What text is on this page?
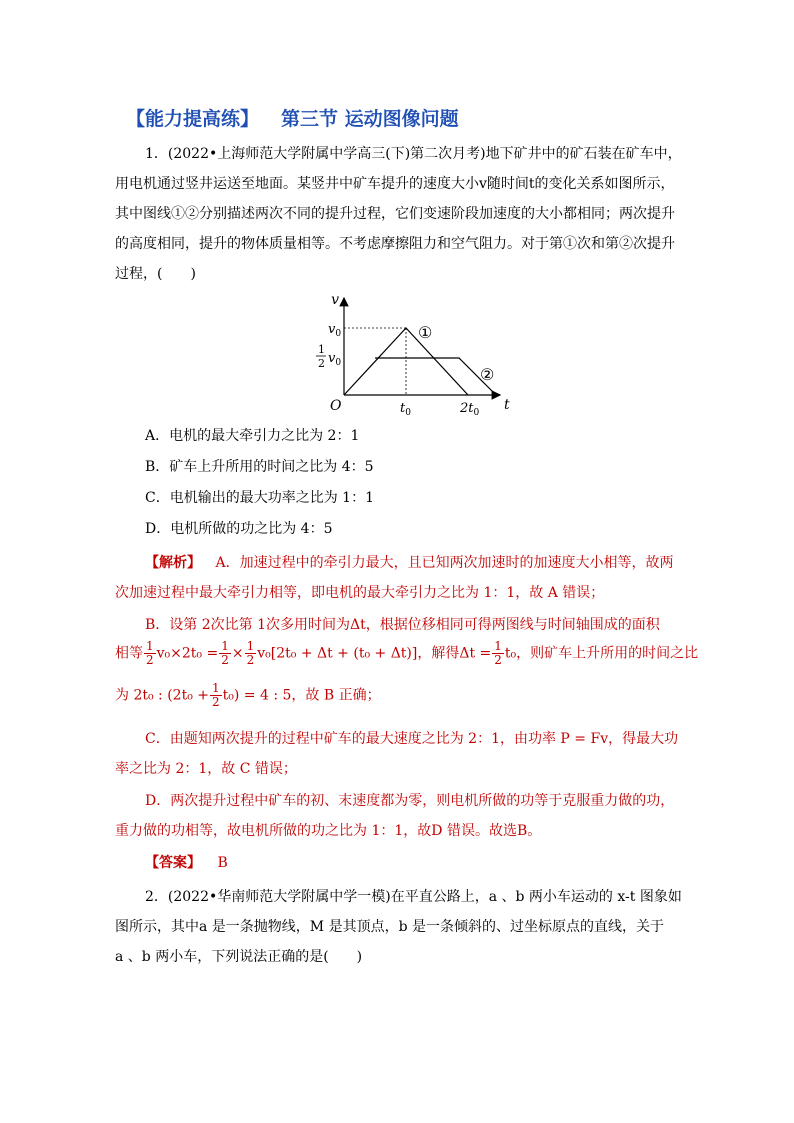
【能力提高练】 第三节 运动图像问题
1．(2022•上海师范大学附属中学高三(下)第二次月考)地下矿井中的矿石装在矿车中，用电机通过竖井运送至地面。某竖井中矿车提升的速度大小v随时间t的变化关系如图所示，其中图线①②分别描述两次不同的提升过程，它们变速阶段加速度的大小都相同；两次提升的高度相同，提升的物体质量相等。不考虑摩擦阻力和空气阻力。对于第①次和第②次提升过程，(　　)
v
t
O
$v_0$
1
2 $v_0$
$t_0$	$2t_0$
①
②
A．电机的最大牵引力之比为 2：1
B．矿车上升所用的时间之比为 4：5
C．电机输出的最大功率之比为 1：1
D．电机所做的功之比为 4：5
【解析】 A．加速过程中的牵引力最大，且已知两次加速时的加速度大小相等，故两
次加速过程中最大牵引力相等，即电机的最大牵引力之比为 1：1，故 A 错误；
B．设第 2次比第 1次多用时间为Δt，根据位移相同可得两图线与时间轴围成的面积
相等 $\frac{1}{2} v_0\times 2t_0 = \frac{1}{2} \times \frac{1}{2} v_0[2t_0 + \Delta t + (t_0 + \Delta t)]$，解得$\Delta t = \frac{1}{2} t_0$，则矿车上升所用的时间之比
为 2t₀ : $(2t_0 + \frac{1}{2} t_0) = 4$ : 5，故 B 正确；
C．由题知两次提升的过程中矿车的最大速度之比为 2：1，由功率 P = Fv，得最大功
率之比为 2：1，故 C 错误；
D．两次提升过程中矿车的初、末速度都为零，则电机所做的功等于克服重力做的功，
重力做的功相等，故电机所做的功之比为 1：1，故D 错误。故选B。
【答案】 B
2．(2022•华南师范大学附属中学一模)在平直公路上，a 、b 两小车运动的 x-t 图象如
图所示，其中a 是一条抛物线，M 是其顶点，b 是一条倾斜的、过坐标原点的直线，关于
a 、b 两小车，下列说法正确的是(　　)
